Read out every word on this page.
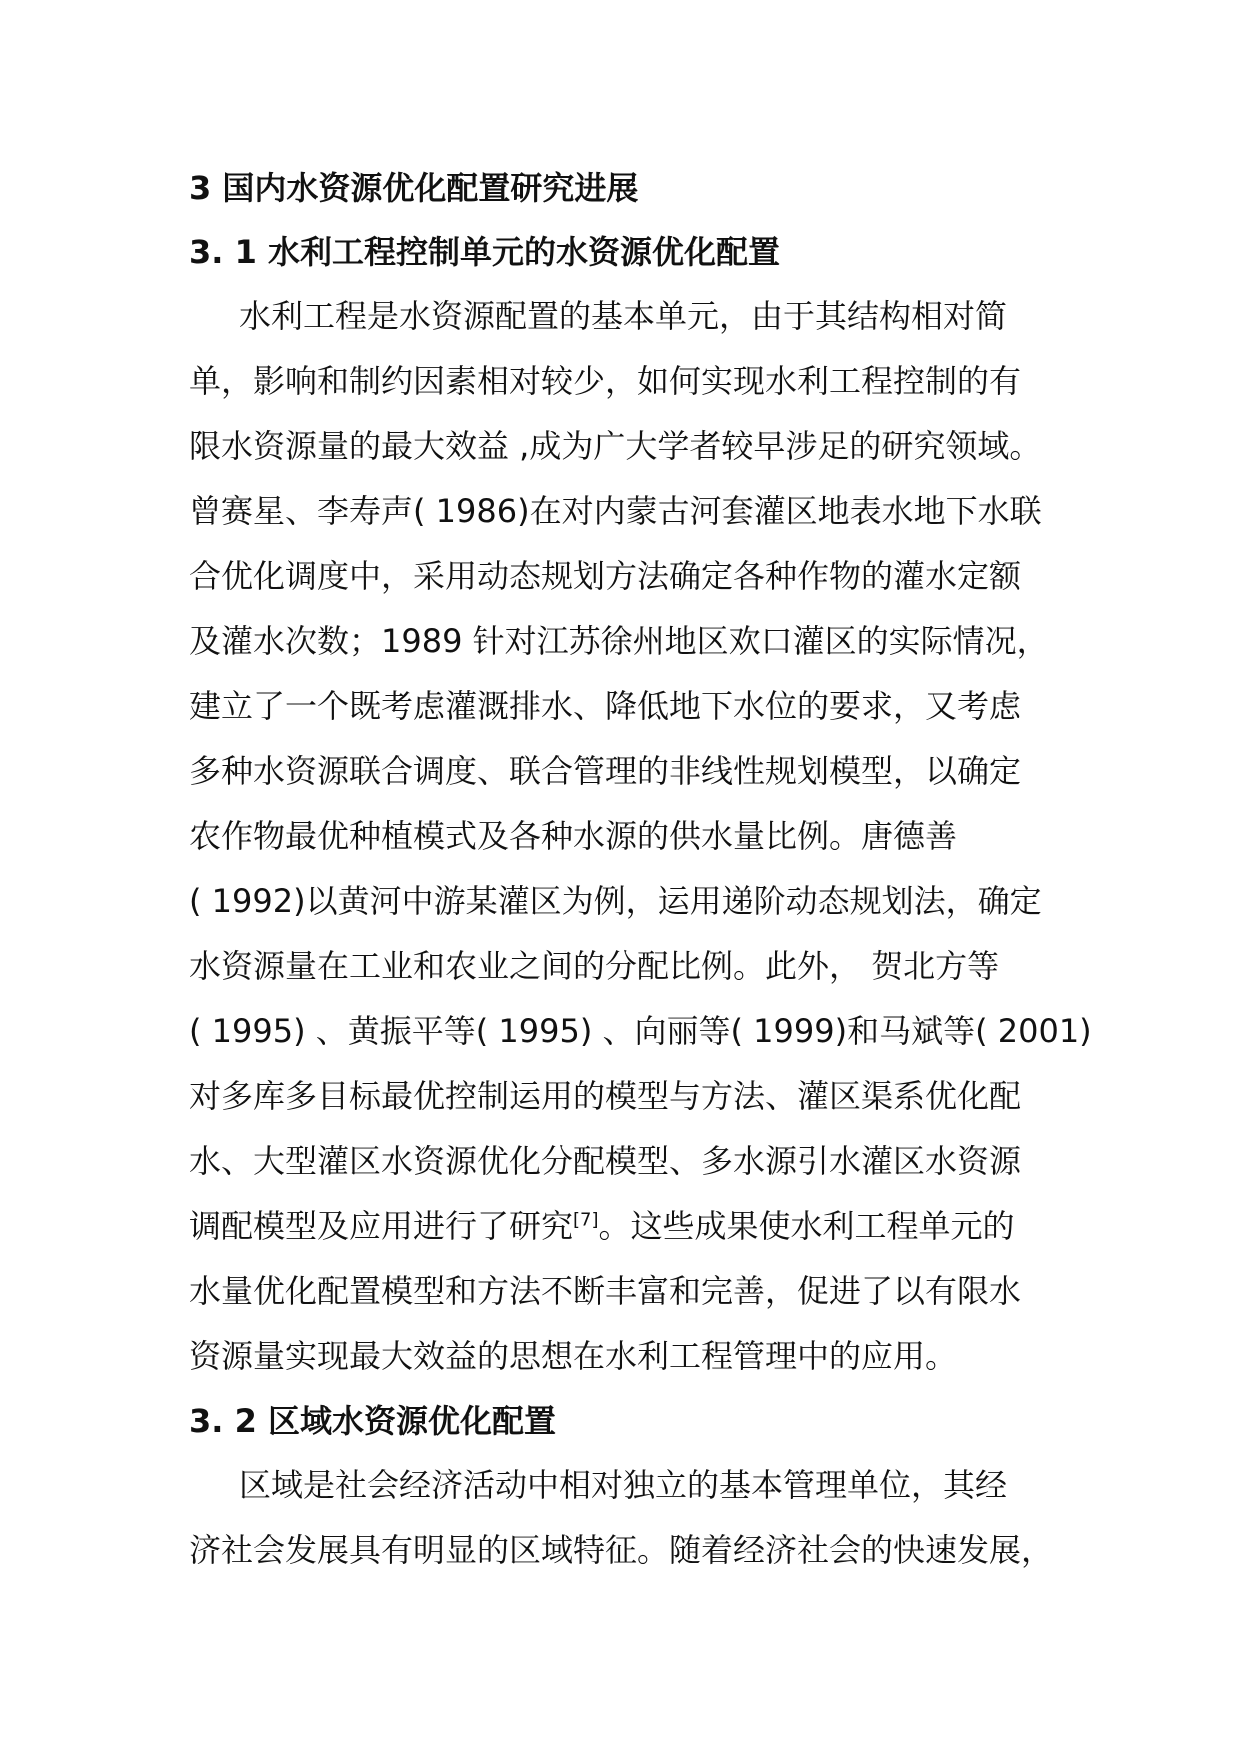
3 国内水资源优化配置研究进展
3. 1 水利工程控制单元的水资源优化配置

水利工程是水资源配置的基本单元，由于其结构相对简

单，影响和制约因素相对较少，如何实现水利工程控制的有

限水资源量的最大效益 ,成为广大学者较早涉足的研究领域。

曾赛星、李寿声( 1986)在对内蒙古河套灌区地表水地下水联

合优化调度中，采用动态规划方法确定各种作物的灌水定额

及灌水次数；1989 针对江苏徐州地区欢口灌区的实际情况，

建立了一个既考虑灌溉排水、降低地下水位的要求，又考虑

多种水资源联合调度、联合管理的非线性规划模型，以确定

农作物最优种植模式及各种水源的供水量比例。唐德善

( 1992)以黄河中游某灌区为例，运用递阶动态规划法，确定

水资源量在工业和农业之间的分配比例。此外， 贺北方等

( 1995) 、黄振平等( 1995) 、向丽等( 1999)和马斌等( 2001)

对多库多目标最优控制运用的模型与方法、灌区渠系优化配

水、大型灌区水资源优化分配模型、多水源引水灌区水资源

调配模型及应用进行了研究[7]。这些成果使水利工程单元的

水量优化配置模型和方法不断丰富和完善，促进了以有限水

资源量实现最大效益的思想在水利工程管理中的应用。

3. 2 区域水资源优化配置

区域是社会经济活动中相对独立的基本管理单位，其经

济社会发展具有明显的区域特征。随着经济社会的快速发展，
